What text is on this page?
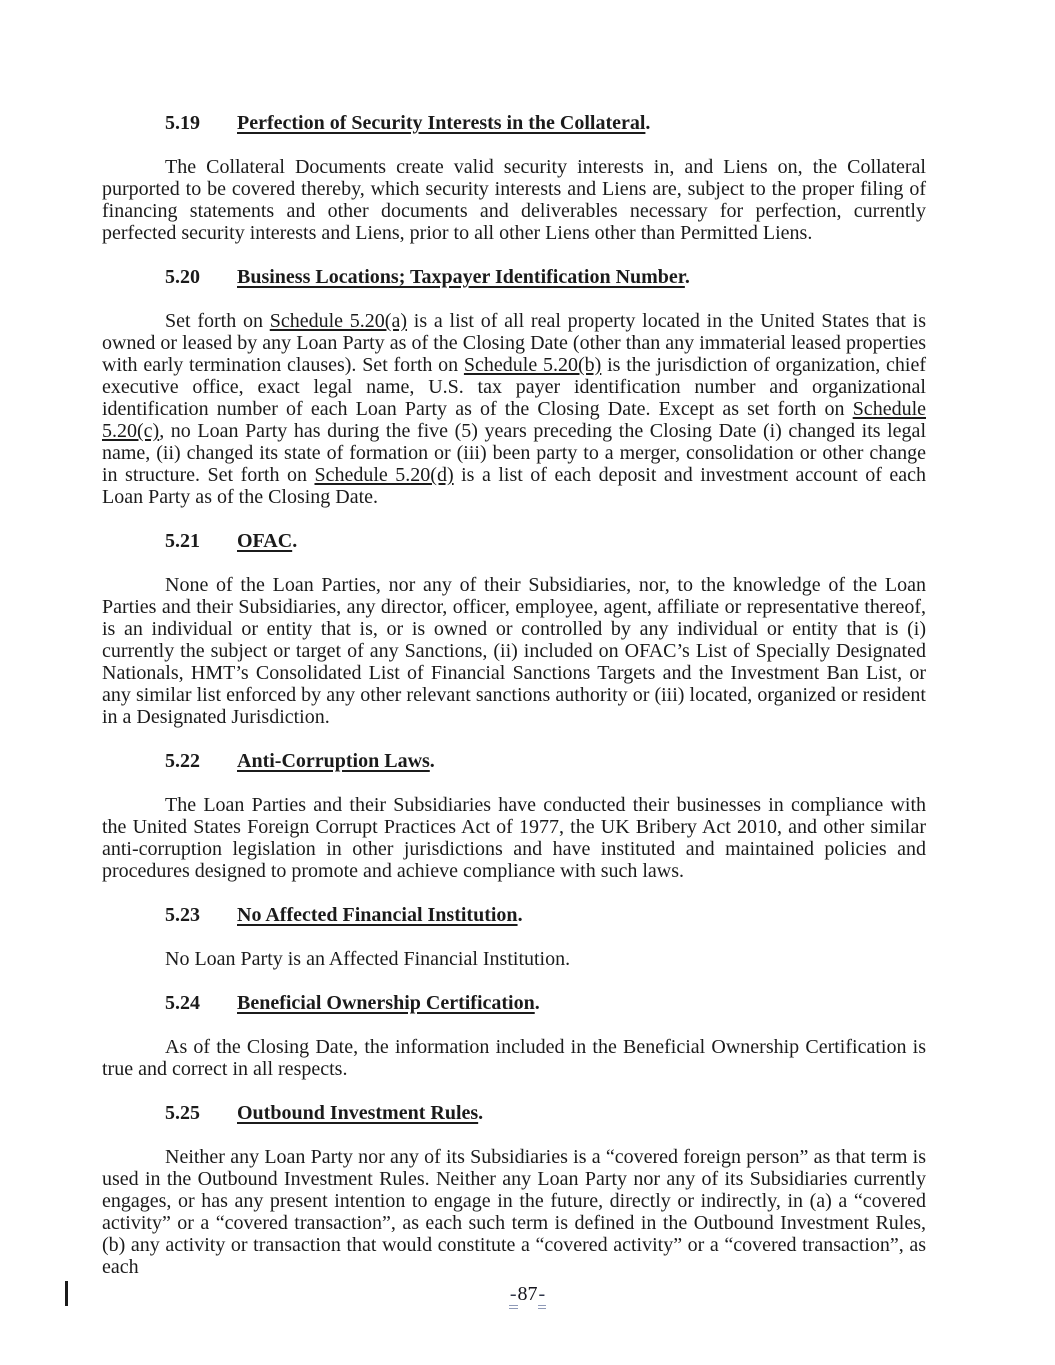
5.19 Perfection of Security Interests in the Collateral.

The Collateral Documents create valid security interests in, and Liens on, the Collateral purported to be covered thereby, which security interests and Liens are, subject to the proper filing of financing statements and other documents and deliverables necessary for perfection, currently perfected security interests and Liens, prior to all other Liens other than Permitted Liens.

5.20 Business Locations; Taxpayer Identification Number.

Set forth on Schedule 5.20(a) is a list of all real property located in the United States that is owned or leased by any Loan Party as of the Closing Date (other than any immaterial leased properties with early termination clauses). Set forth on Schedule 5.20(b) is the jurisdiction of organization, chief executive office, exact legal name, U.S. tax payer identification number and organizational identification number of each Loan Party as of the Closing Date. Except as set forth on Schedule 5.20(c), no Loan Party has during the five (5) years preceding the Closing Date (i) changed its legal name, (ii) changed its state of formation or (iii) been party to a merger, consolidation or other change in structure. Set forth on Schedule 5.20(d) is a list of each deposit and investment account of each Loan Party as of the Closing Date.

5.21 OFAC.

None of the Loan Parties, nor any of their Subsidiaries, nor, to the knowledge of the Loan Parties and their Subsidiaries, any director, officer, employee, agent, affiliate or representative thereof, is an individual or entity that is, or is owned or controlled by any individual or entity that is (i) currently the subject or target of any Sanctions, (ii) included on OFAC’s List of Specially Designated Nationals, HMT’s Consolidated List of Financial Sanctions Targets and the Investment Ban List, or any similar list enforced by any other relevant sanctions authority or (iii) located, organized or resident in a Designated Jurisdiction.

5.22 Anti-Corruption Laws.

The Loan Parties and their Subsidiaries have conducted their businesses in compliance with the United States Foreign Corrupt Practices Act of 1977, the UK Bribery Act 2010, and other similar anti-corruption legislation in other jurisdictions and have instituted and maintained policies and procedures designed to promote and achieve compliance with such laws.

5.23 No Affected Financial Institution.

No Loan Party is an Affected Financial Institution.

5.24 Beneficial Ownership Certification.

As of the Closing Date, the information included in the Beneficial Ownership Certification is true and correct in all respects.

5.25 Outbound Investment Rules.

Neither any Loan Party nor any of its Subsidiaries is a “covered foreign person” as that term is used in the Outbound Investment Rules. Neither any Loan Party nor any of its Subsidiaries currently engages, or has any present intention to engage in the future, directly or indirectly, in (a) a “covered activity” or a “covered transaction”, as each such term is defined in the Outbound Investment Rules, (b) any activity or transaction that would constitute a “covered activity” or a “covered transaction”, as each

-87-
